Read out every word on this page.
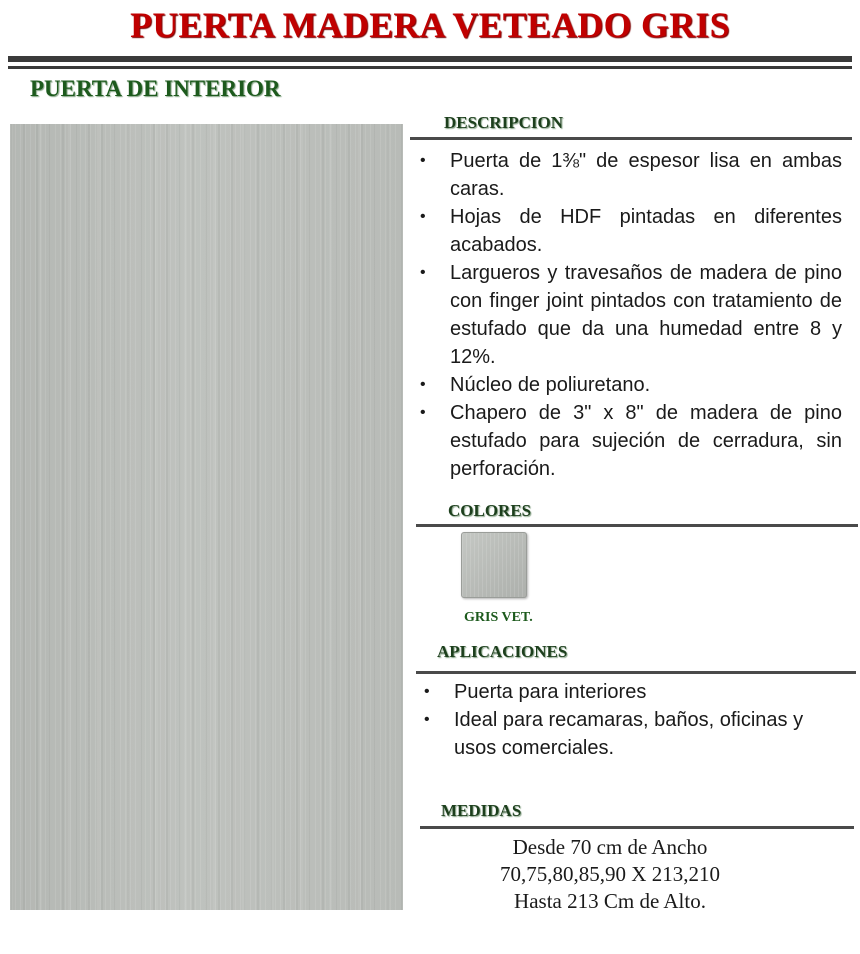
PUERTA MADERA VETEADO GRIS
PUERTA DE INTERIOR
DESCRIPCION
• Puerta de 1⅜" de espesor lisa en ambas caras.
• Hojas de HDF pintadas en diferentes acabados.
• Largueros y travesaños de madera de pino con finger joint pintados con tratamiento de estufado que da una humedad entre 8 y 12%.
• Núcleo de poliuretano.
• Chapero de 3" x 8" de madera de pino estufado para sujeción de cerradura, sin perforación.
COLORES
GRIS VET.
APLICACIONES
• Puerta para interiores
• Ideal para recamaras, baños, oficinas y usos comerciales.
MEDIDAS
Desde 70 cm de Ancho
70,75,80,85,90 X 213,210
Hasta 213 Cm de Alto.
